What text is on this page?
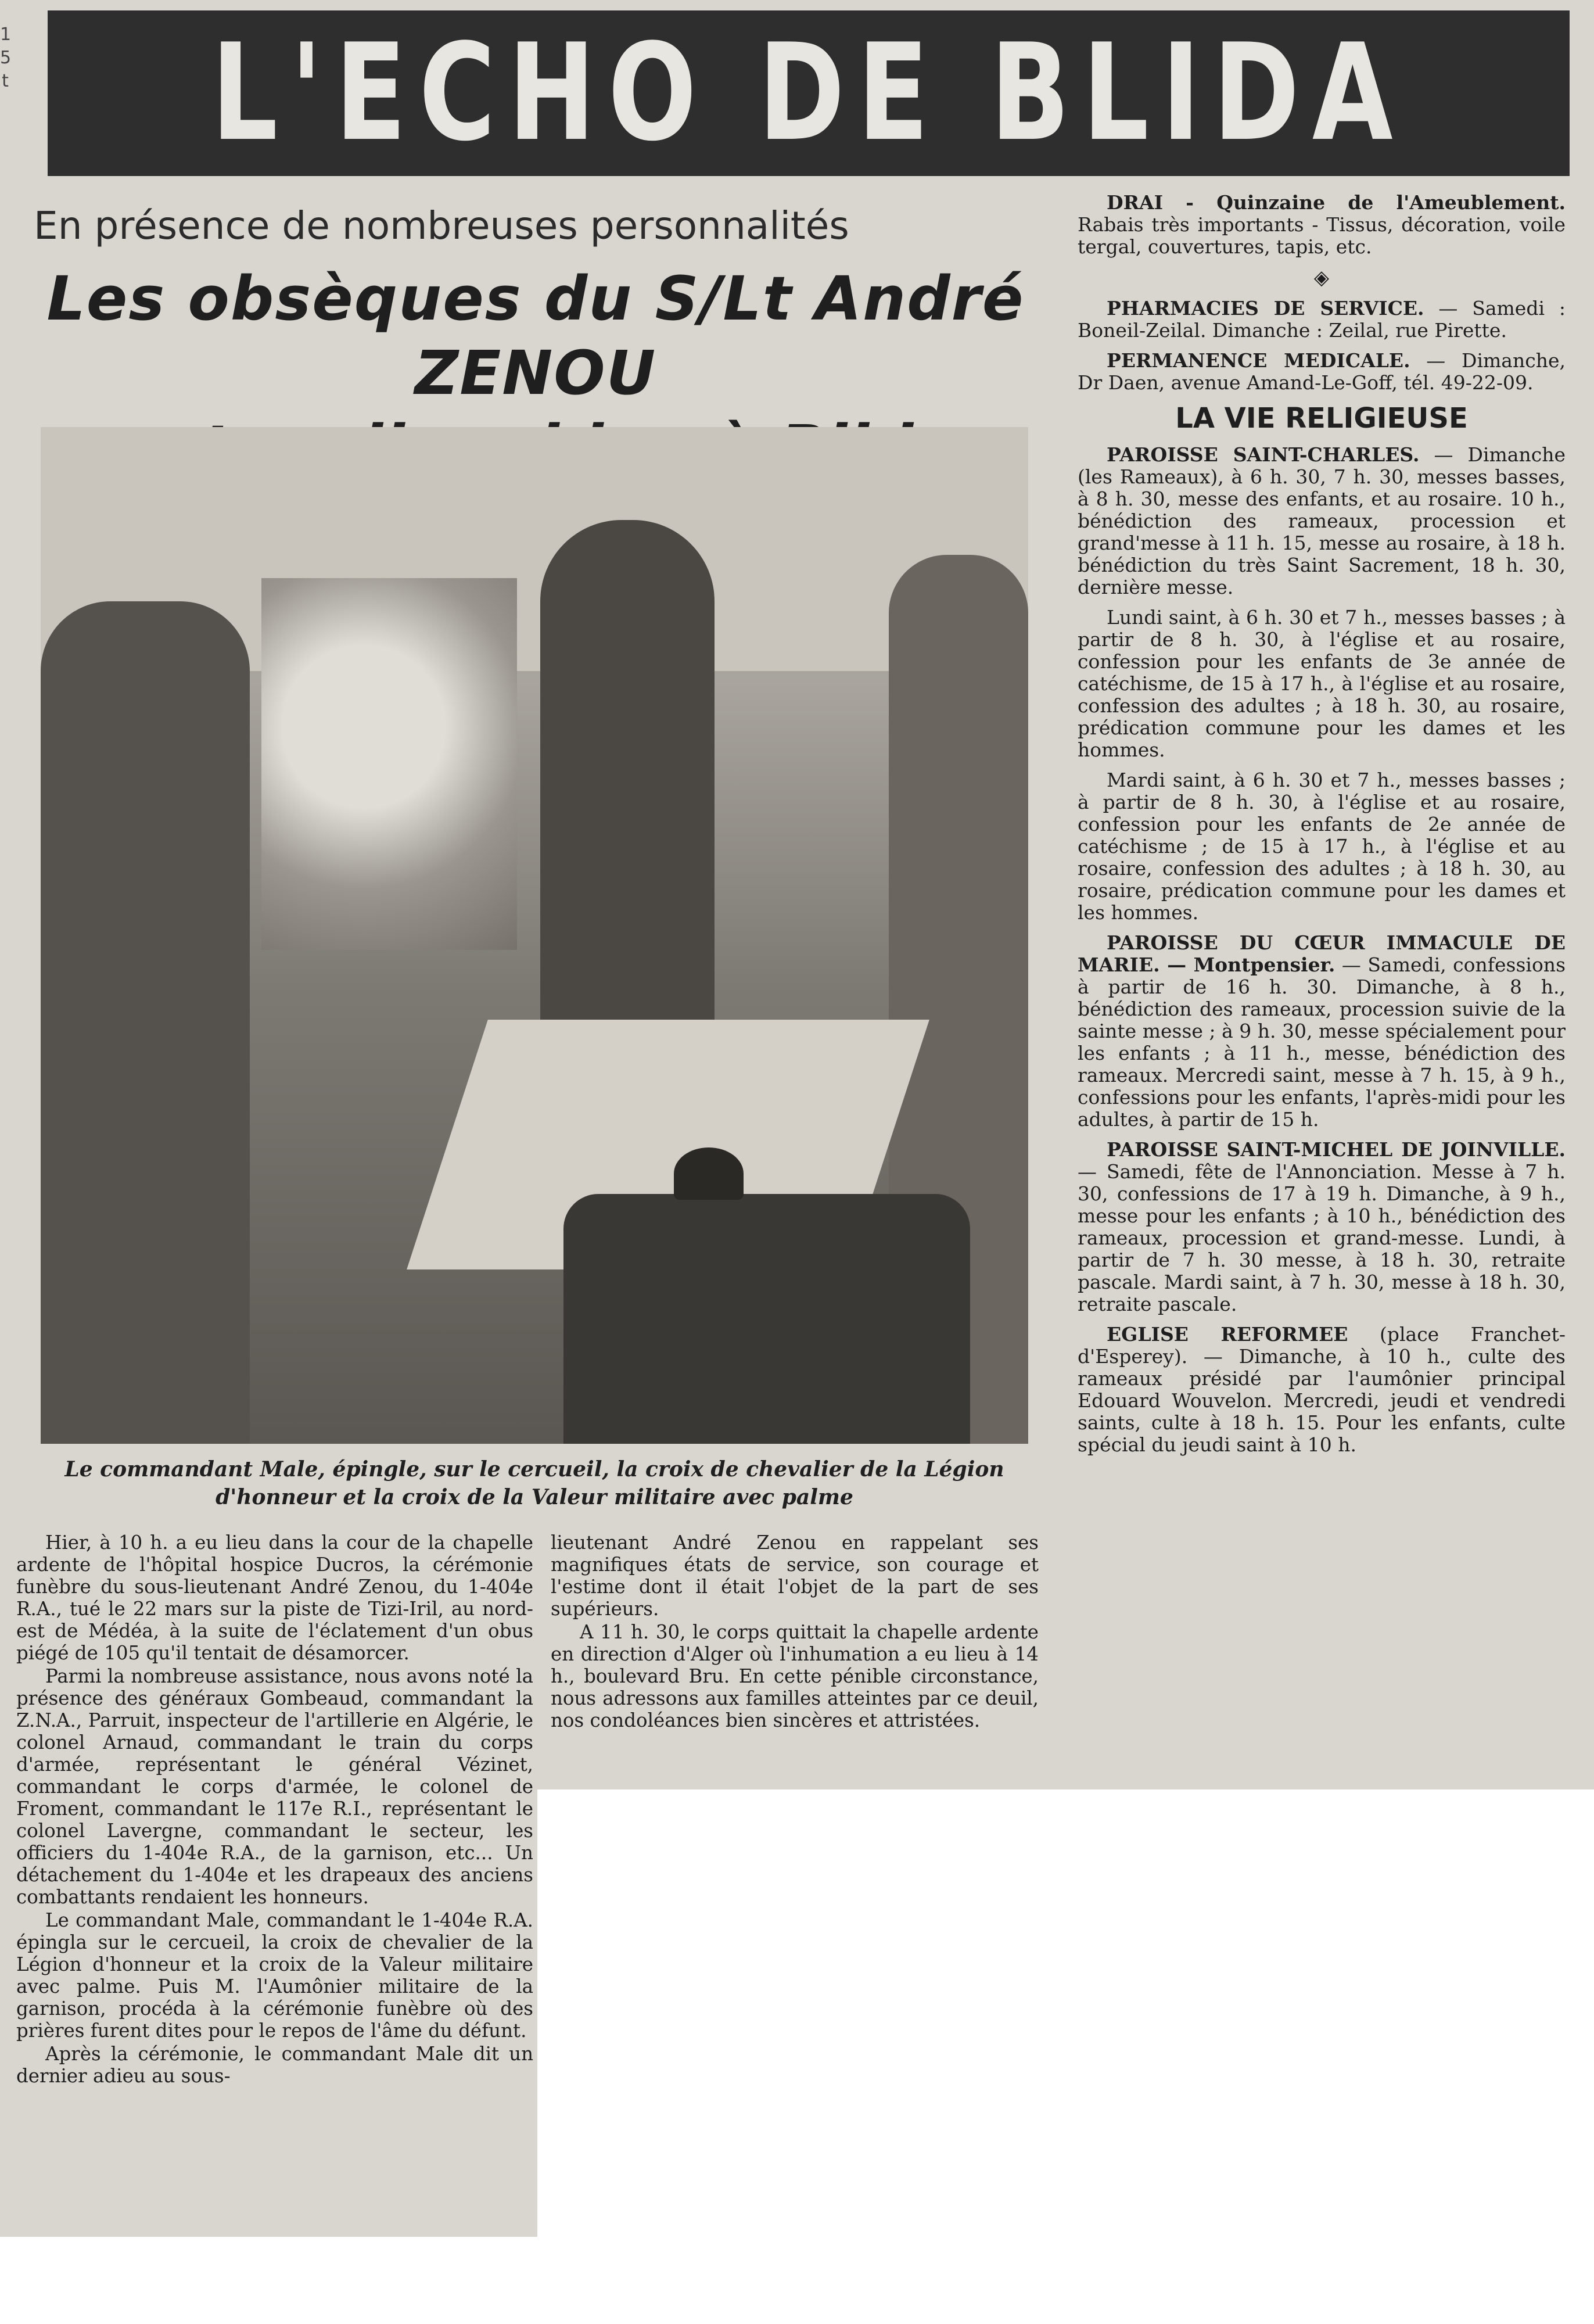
1 5 t L'ECHO DE BLIDA
En présence de nombreuses personnalités
Les obsèques du S/Lt André ZENOU
Le commandant Male, épingle, sur le cercueil, la croix de chevalier de la Légion d'honneur et la croix de la Valeur militaire avec palme

Hier, à 10 h. a eu lieu dans la cour de la chapelle ardente de l'hôpital hospice Ducros, la cérémonie funèbre du sous-lieutenant André Zenou, du 1-404e R.A., tué le 22 mars sur la piste de Tizi-Iril, au nord-est de Médéa, à la suite de l'éclatement d'un obus piégé de 105 qu'il tentait de désamorcer.

Parmi la nombreuse assistance, nous avons noté la présence des généraux Gombeaud, commandant la Z.N.A., Parruit, inspecteur de l'artillerie en Algérie, le colonel Arnaud, commandant le train du corps d'armée, représentant le général Vézinet, commandant le corps d'armée, le colonel de Froment, commandant le 117e R.I., représentant le colonel Lavergne, commandant le secteur, les officiers du 1-404e R.A., de la garnison, etc... Un détachement du 1-404e et les drapeaux des anciens combattants rendaient les honneurs.

Le commandant Male, commandant le 1-404e R.A. épingla sur le cercueil, la croix de chevalier de la Légion d'honneur et la croix de la Valeur militaire avec palme. Puis M. l'Aumônier militaire de la garnison, procéda à la cérémonie funèbre où des prières furent dites pour le repos de l'âme du défunt.

Après la cérémonie, le commandant Male dit un dernier adieu au sous-

lieutenant André Zenou en rappelant ses magnifiques états de service, son courage et l'estime dont il était l'objet de la part de ses supérieurs.

A 11 h. 30, le corps quittait la chapelle ardente en direction d'Alger où l'inhumation a eu lieu à 14 h., boulevard Bru. En cette pénible circonstance, nous adressons aux familles atteintes par ce deuil, nos condoléances bien sincères et attristées.

DRAI - Quinzaine de l'Ameublement. Rabais très importants - Tissus, décoration, voile tergal, couvertures, tapis, etc.

◈

PHARMACIES DE SERVICE. — Samedi : Boneil-Zeilal. Dimanche : Zeilal, rue Pirette.

PERMANENCE MEDICALE. — Dimanche, Dr Daen, avenue Amand-Le-Goff, tél. 49-22-09.

LA VIE RELIGIEUSE

PAROISSE SAINT-CHARLES. — Dimanche (les Rameaux), à 6 h. 30, 7 h. 30, messes basses, à 8 h. 30, messe des enfants, et au rosaire. 10 h., bénédiction des rameaux, procession et grand'messe à 11 h. 15, messe au rosaire, à 18 h. bénédiction du très Saint Sacrement, 18 h. 30, dernière messe.

Lundi saint, à 6 h. 30 et 7 h., messes basses ; à partir de 8 h. 30, à l'église et au rosaire, confession pour les enfants de 3e année de catéchisme, de 15 à 17 h., à l'église et au rosaire, confession des adultes ; à 18 h. 30, au rosaire, prédication commune pour les dames et les hommes.

Mardi saint, à 6 h. 30 et 7 h., messes basses ; à partir de 8 h. 30, à l'église et au rosaire, confession pour les enfants de 2e année de catéchisme ; de 15 à 17 h., à l'église et au rosaire, confession des adultes ; à 18 h. 30, au rosaire, prédication commune pour les dames et les hommes.

PAROISSE DU CŒUR IMMACULE DE MARIE. — Montpensier. — Samedi, confessions à partir de 16 h. 30. Dimanche, à 8 h., bénédiction des rameaux, procession suivie de la sainte messe ; à 9 h. 30, messe spécialement pour les enfants ; à 11 h., messe, bénédiction des rameaux. Mercredi saint, messe à 7 h. 15, à 9 h., confessions pour les enfants, l'après-midi pour les adultes, à partir de 15 h.

PAROISSE SAINT-MICHEL DE JOINVILLE. — Samedi, fête de l'Annonciation. Messe à 7 h. 30, confessions de 17 à 19 h. Dimanche, à 9 h., messe pour les enfants ; à 10 h., bénédiction des rameaux, procession et grand-messe. Lundi, à partir de 7 h. 30 messe, à 18 h. 30, retraite pascale. Mardi saint, à 7 h. 30, messe à 18 h. 30, retraite pascale.

EGLISE REFORMEE (place Franchet-d'Esperey). — Dimanche, à 10 h., culte des rameaux présidé par l'aumônier principal Edouard Wouvelon. Mercredi, jeudi et vendredi saints, culte à 18 h. 15. Pour les enfants, culte spécial du jeudi saint à 10 h.
